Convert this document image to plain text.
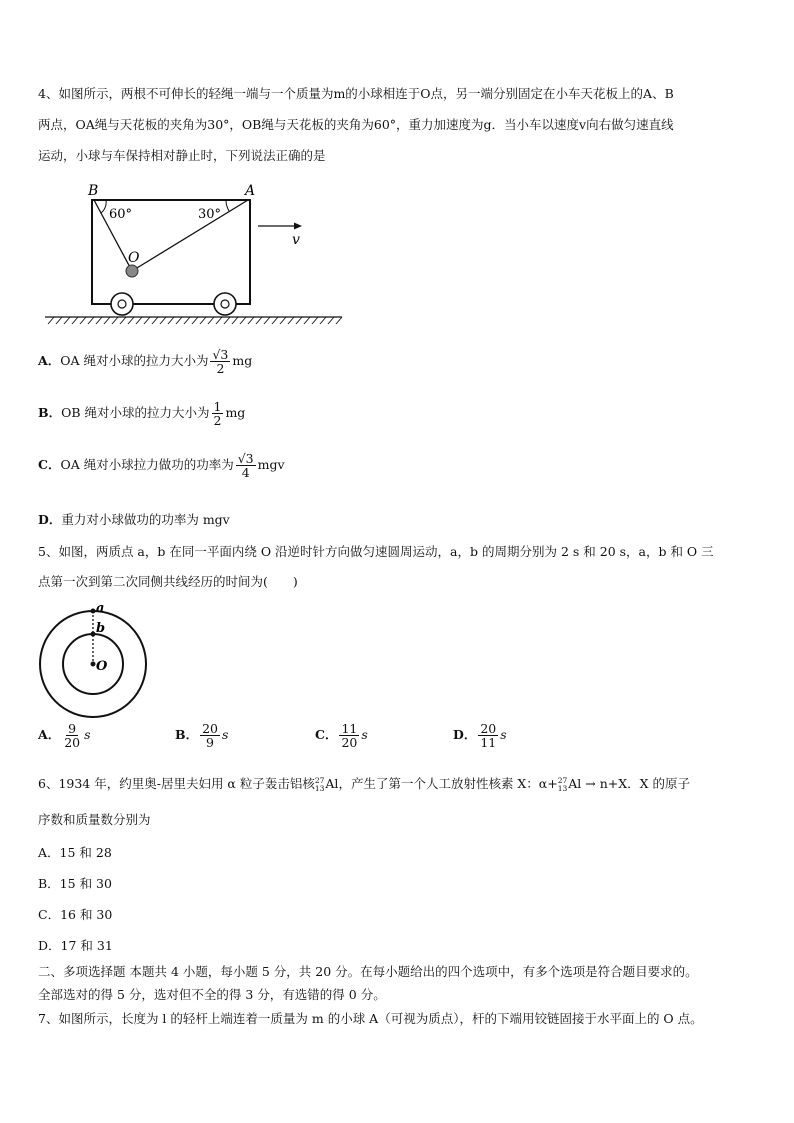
4、如图所示，两根不可伸长的轻绳一端与一个质量为m的小球相连于O点，另一端分别固定在小车天花板上的A、B
两点，OA绳与天花板的夹角为30°，OB绳与天花板的夹角为60°，重力加速度为g．当小车以速度v向右做匀速直线
运动，小球与车保持相对静止时，下列说法正确的是
B	A
60°	30°
O
v
A．OA 绳对小球的拉力大小为 $\frac{√3}{2}$ mg
B．OB 绳对小球的拉力大小为 $\frac{1}{2}$ mg
C．OA 绳对小球拉力做功的功率为 $\frac{√3}{4}$ mgv
D．重力对小球做功的功率为 mgv
5、如图，两质点 a，b 在同一平面内绕 O 沿逆时针方向做匀速圆周运动，a，b 的周期分别为 2 s 和 20 s，a，b 和 O 三
点第一次到第二次同侧共线经历的时间为(　　)
a
b
O
A． $\frac{9}{20}$ s	B． $\frac{20}{9}$ s	C． $\frac{11}{20}$ s	D． $\frac{20}{11}$ s
6、1934 年，约里奥-居里夫妇用 α 粒子轰击铝核 27
13 Al，产生了第一个人工放射性核素 X：α+ 27
13 Al → n+X．X 的原子
序数和质量数分别为
A．15 和 28
B．15 和 30
C．16 和 30
D．17 和 31
二、多项选择题 本题共 4 小题，每小题 5 分，共 20 分。在每小题给出的四个选项中，有多个选项是符合题目要求的。
全部选对的得 5 分，选对但不全的得 3 分，有选错的得 0 分。
7、如图所示，长度为 l 的轻杆上端连着一质量为 m 的小球 A（可视为质点），杆的下端用铰链固接于水平面上的 O 点。
